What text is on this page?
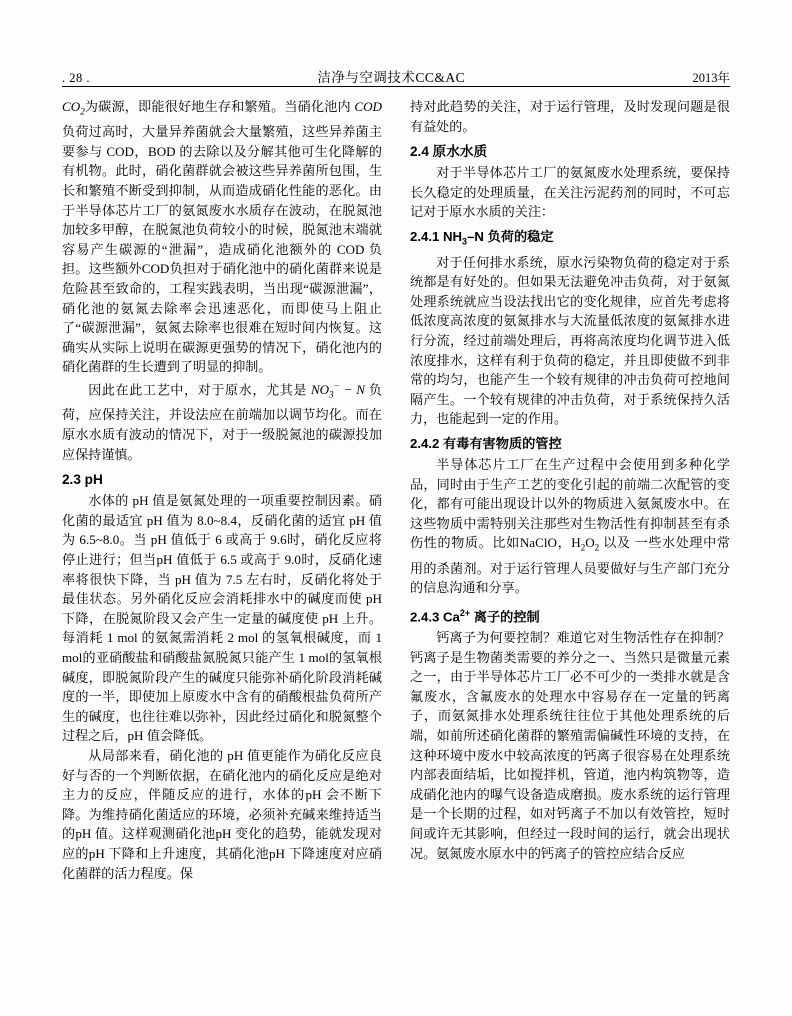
. 28 .	洁净与空调技术CC&AC	2013年

$CO_2$为碳源，即能很好地生存和繁殖。当硝化池内 COD 负荷过高时，大量异养菌就会大量繁殖，这些异养菌主要参与 COD，BOD 的去除以及分解其他可生化降解的有机物。此时，硝化菌群就会被这些异养菌所包围，生长和繁殖不断受到抑制，从而造成硝化性能的恶化。由于半导体芯片工厂的氨氮废水水质存在波动，在脱氮池加较多甲醇，在脱氮池负荷较小的时候，脱氮池末端就容易产生碳源的“泄漏”，造成硝化池额外的 COD 负担。这些额外COD负担对于硝化池中的硝化菌群来说是危险甚至致命的，工程实践表明，当出现“碳源泄漏”，硝化池的氨氮去除率会迅速恶化，而即使马上阻止了“碳源泄漏”，氨氮去除率也很难在短时间内恢复。这确实从实际上说明在碳源更强势的情况下，硝化池内的硝化菌群的生长遭到了明显的抑制。

因此在此工艺中，对于原水，尤其是 $NO_3^- - N$ 负荷，应保持关注，并设法应在前端加以调节均化。而在原水水质有波动的情况下，对于一级脱氮池的碳源投加应保持谨慎。

2.3 pH

水体的 pH 值是氨氮处理的一项重要控制因素。硝化菌的最适宜 pH 值为 8.0~8.4，反硝化菌的适宜 pH 值为 6.5~8.0。当 pH 值低于 6 或高于 9.6时，硝化反应将停止进行；但当pH 值低于 6.5 或高于 9.0时，反硝化速率将很快下降，当 pH 值为 7.5 左右时，反硝化将处于最佳状态。另外硝化反应会消耗排水中的碱度而使 pH 下降，在脱氮阶段又会产生一定量的碱度使 pH 上升。每消耗 1 mol 的氨氮需消耗 2 mol 的氢氧根碱度，而 1 mol的亚硝酸盐和硝酸盐氮脱氮只能产生 1 mol的氢氧根碱度，即脱氮阶段产生的碱度只能弥补硝化阶段消耗碱度的一半，即使加上原废水中含有的硝酸根盐负荷所产生的碱度，也往往难以弥补，因此经过硝化和脱氮整个过程之后，pH 值会降低。

从局部来看，硝化池的 pH 值更能作为硝化反应良好与否的一个判断依据，在硝化池内的硝化反应是绝对主力的反应，伴随反应的进行，水体的pH 会不断下降。为维持硝化菌适应的环境，必须补充碱来维持适当的pH 值。这样观测硝化池pH 变化的趋势，能就发现对应的pH 下降和上升速度，其硝化池pH 下降速度对应硝化菌群的活力程度。保

持对此趋势的关注，对于运行管理，及时发现问题是很有益处的。

2.4 原水水质

对于半导体芯片工厂的氨氮废水处理系统，要保持长久稳定的处理质量，在关注污泥药剂的同时，不可忘记对于原水水质的关注：

2.4.1 $NH_3-N$ 负荷的稳定

对于任何排水系统，原水污染物负荷的稳定对于系统都是有好处的。但如果无法避免冲击负荷，对于氨氮处理系统就应当设法找出它的变化规律，应首先考虑将低浓度高浓度的氨氮排水与大流量低浓度的氨氮排水进行分流，经过前端处理后，再将高浓度均化调节进入低浓度排水，这样有利于负荷的稳定，并且即使做不到非常的均匀，也能产生一个较有规律的冲击负荷可控地间隔产生。一个较有规律的冲击负荷，对于系统保持久活力，也能起到一定的作用。

2.4.2 有毒有害物质的管控

半导体芯片工厂在生产过程中会使用到多种化学品，同时由于生产工艺的变化引起的前端二次配管的变化，都有可能出现设计以外的物质进入氨氮废水中。在这些物质中需特别关注那些对生物活性有抑制甚至有杀伤性的物质。比如NaClO，$H_2O_2$ 以及 一些水处理中常用的杀菌剂。对于运行管理人员要做好与生产部门充分的信息沟通和分享。

2.4.3 $Ca^{2+}$ 离子的控制

钙离子为何要控制？难道它对生物活性存在抑制？钙离子是生物菌类需要的养分之一、当然只是微量元素之一，由于半导体芯片工厂必不可少的一类排水就是含氟废水，含氟废水的处理水中容易存在一定量的钙离子，而氨氮排水处理系统往往位于其他处理系统的后端，如前所述硝化菌群的繁殖需偏碱性环境的支持，在这种环境中废水中较高浓度的钙离子很容易在处理系统内部表面结垢，比如搅拌机，管道，池内构筑物等，造成硝化池内的曝气设备造成磨损。废水系统的运行管理是一个长期的过程，如对钙离子不加以有效管控，短时间或许无其影响，但经过一段时间的运行，就会出现状况。氨氮废水原水中的钙离子的管控应结合反应
